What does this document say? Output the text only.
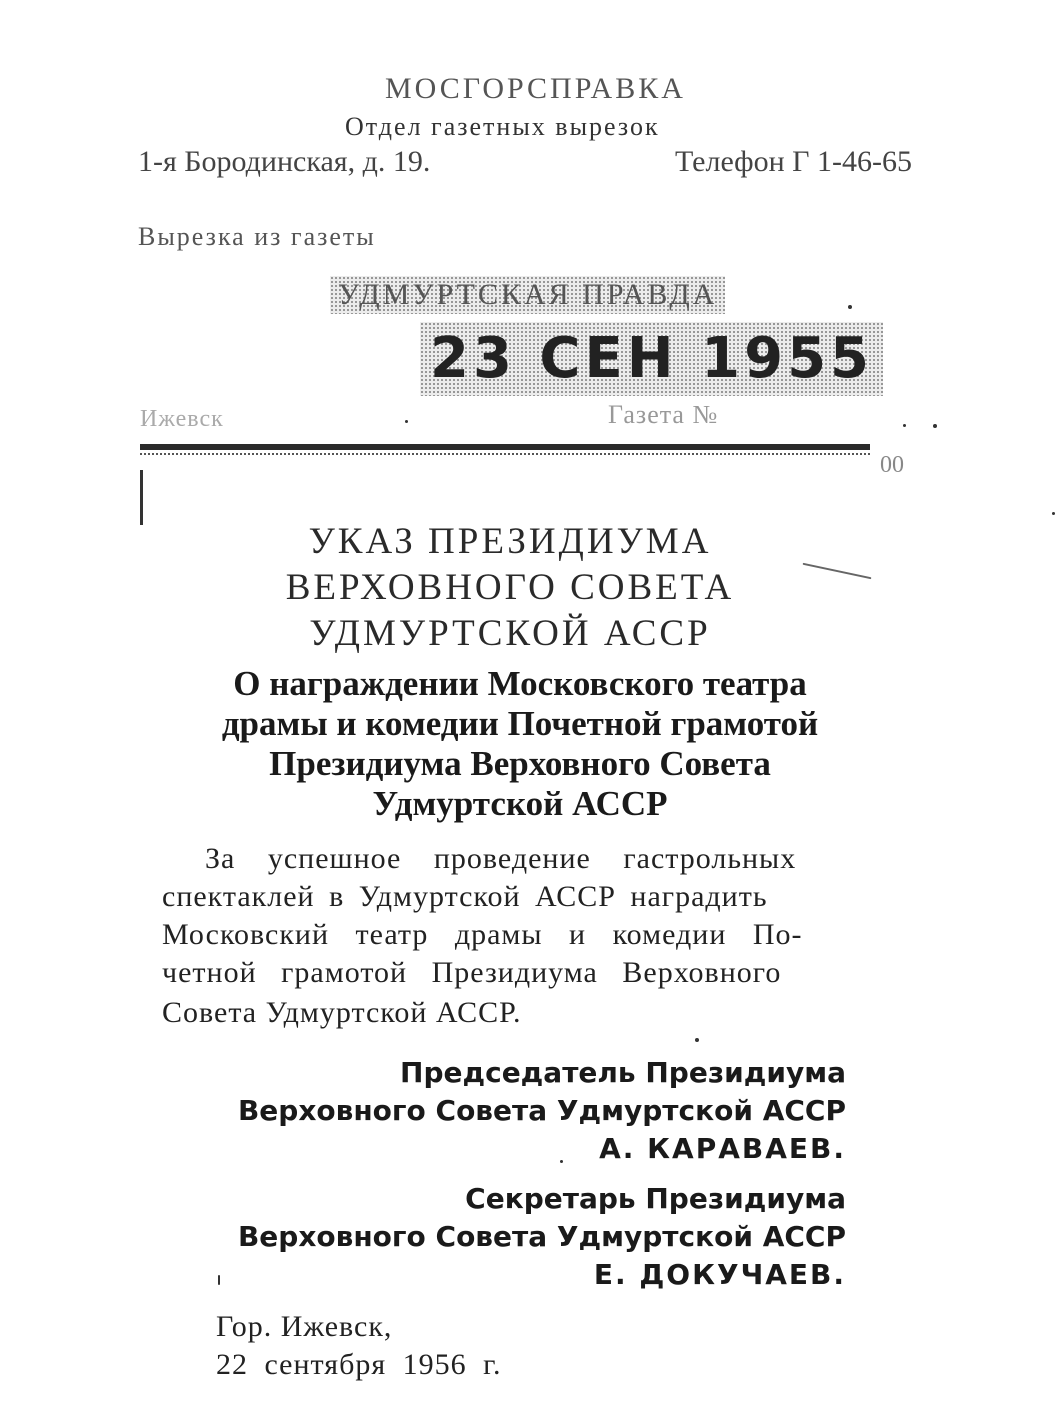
МОСГОРСПРАВКА
Отдел газетных вырезок
1-я Бородинская, д. 19.	Телефон Г 1-46-65
Вырезка из газеты
УДМУРТСКАЯ ПРАВДА
23 СЕН 1955
Ижевск	Газета №
00
УКАЗ ПРЕЗИДИУМА
ВЕРХОВНОГО СОВЕТА
УДМУРТСКОЙ АССР
О награждении Московского театра
драмы и комедии Почетной грамотой
Президиума Верховного Совета
Удмуртской АССР
За успешное проведение гастрольных
спектаклей в Удмуртской АССР наградить
Московский театр драмы и комедии По-
четной грамотой Президиума Верховного
Совета Удмуртской АССР.
Председатель Президиума
Верховного Совета Удмуртской АССР
А. КАРАВАЕВ.
Секретарь Президиума
Верховного Совета Удмуртской АССР
Е. ДОКУЧАЕВ.
Гор. Ижевск,
22 сентября 1956 г.
